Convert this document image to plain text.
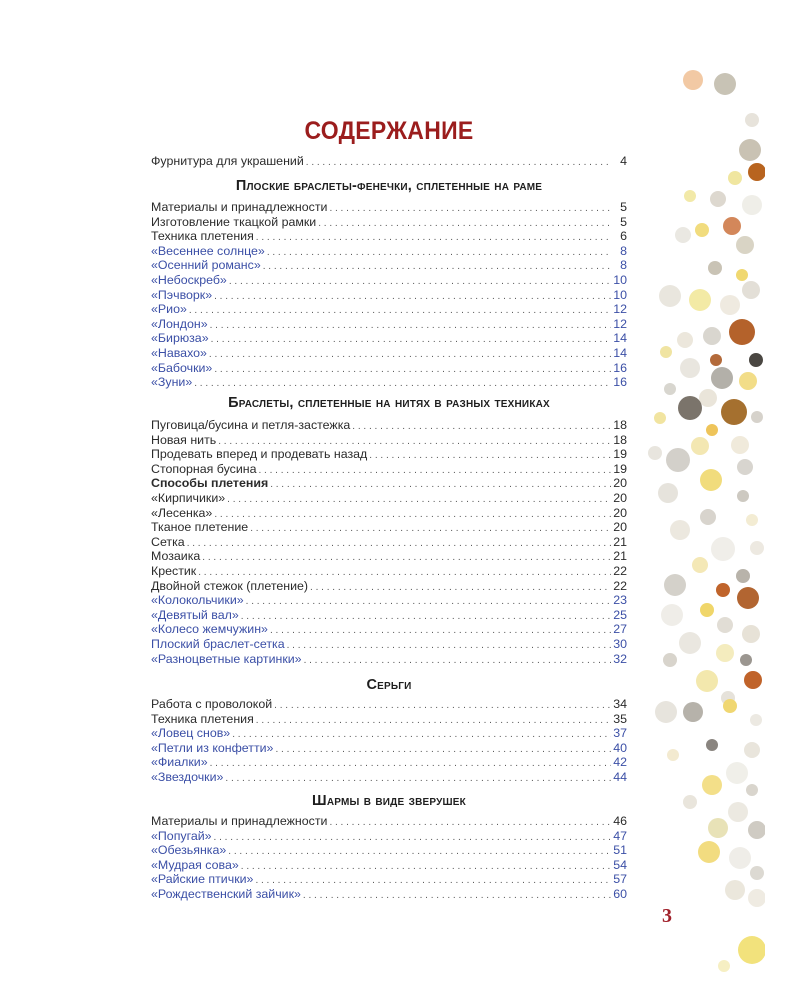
СОДЕРЖАНИЕ
Фурнитура для украшений . . .	4
Плоские браслеты-фенечки, сплетенные на раме
Материалы и принадлежности . . .	5
Изготовление ткацкой рамки . . .	5
Техника плетения . . .	6
«Весеннее солнце» . . .	8
«Осенний романс» . . .	8
«Небоскреб» . . .	10
«Пэчворк» . . .	10
«Рио» . . .	12
«Лондон» . . .	12
«Бирюза» . . .	14
«Навахо» . . .	14
«Бабочки» . . .	16
«Зуни» . . .	16
Браслеты, сплетенные на нитях в разных техниках
Пуговица/бусина и петля-застежка . . .	18
Новая нить . . .	18
Продевать вперед и продевать назад . . .	19
Стопорная бусина . . .	19
Способы плетения . . .	20
«Кирпичики» . . .	20
«Лесенка» . . .	20
Тканое плетение . . .	20
Сетка . . .	21
Мозаика . . .	21
Крестик . . .	22
Двойной стежок (плетение) . . .	22
«Колокольчики» . . .	23
«Девятый вал» . . .	25
«Колесо жемчужин» . . .	27
Плоский браслет-сетка . . .	30
«Разноцветные картинки» . . .	32
Серьги
Работа с проволокой . . .	34
Техника плетения . . .	35
«Ловец снов» . . .	37
«Петли из конфетти» . . .	40
«Фиалки» . . .	42
«Звездочки» . . .	44
Шармы в виде зверушек
Материалы и принадлежности . . .	46
«Попугай» . . .	47
«Обезьянка» . . .	51
«Мудрая сова» . . .	54
«Райские птички» . . .	57
«Рождественский зайчик» . . .	60
3
